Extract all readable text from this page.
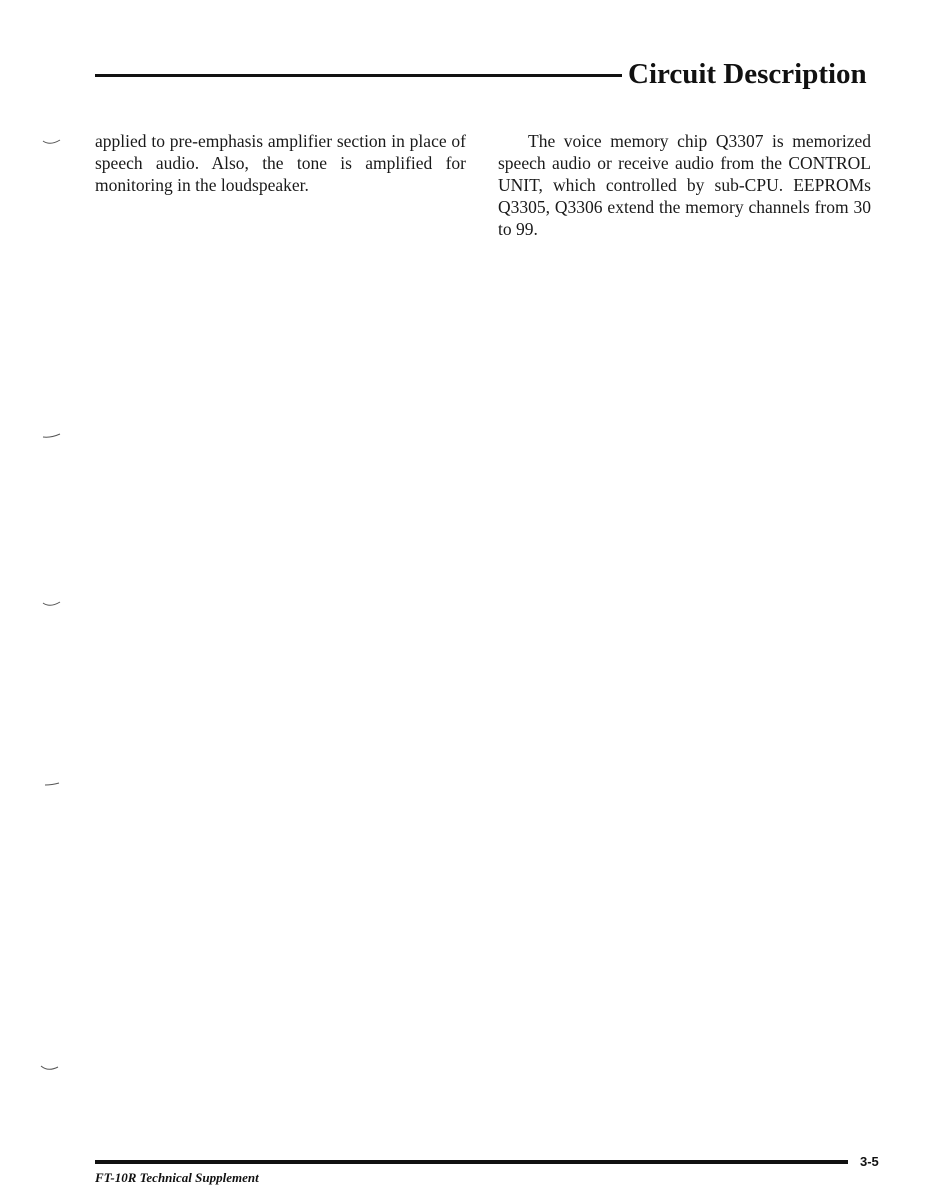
Circuit Description

applied to pre-emphasis amplifier section in place of speech audio. Also, the tone is amplified for monitoring in the loudspeaker.

The voice memory chip Q3307 is memorized speech audio or receive audio from the CONTROL UNIT, which controlled by sub-CPU. EEPROMs Q3305, Q3306 extend the memory channels from 30 to 99.

FT-10R Technical Supplement
3-5
